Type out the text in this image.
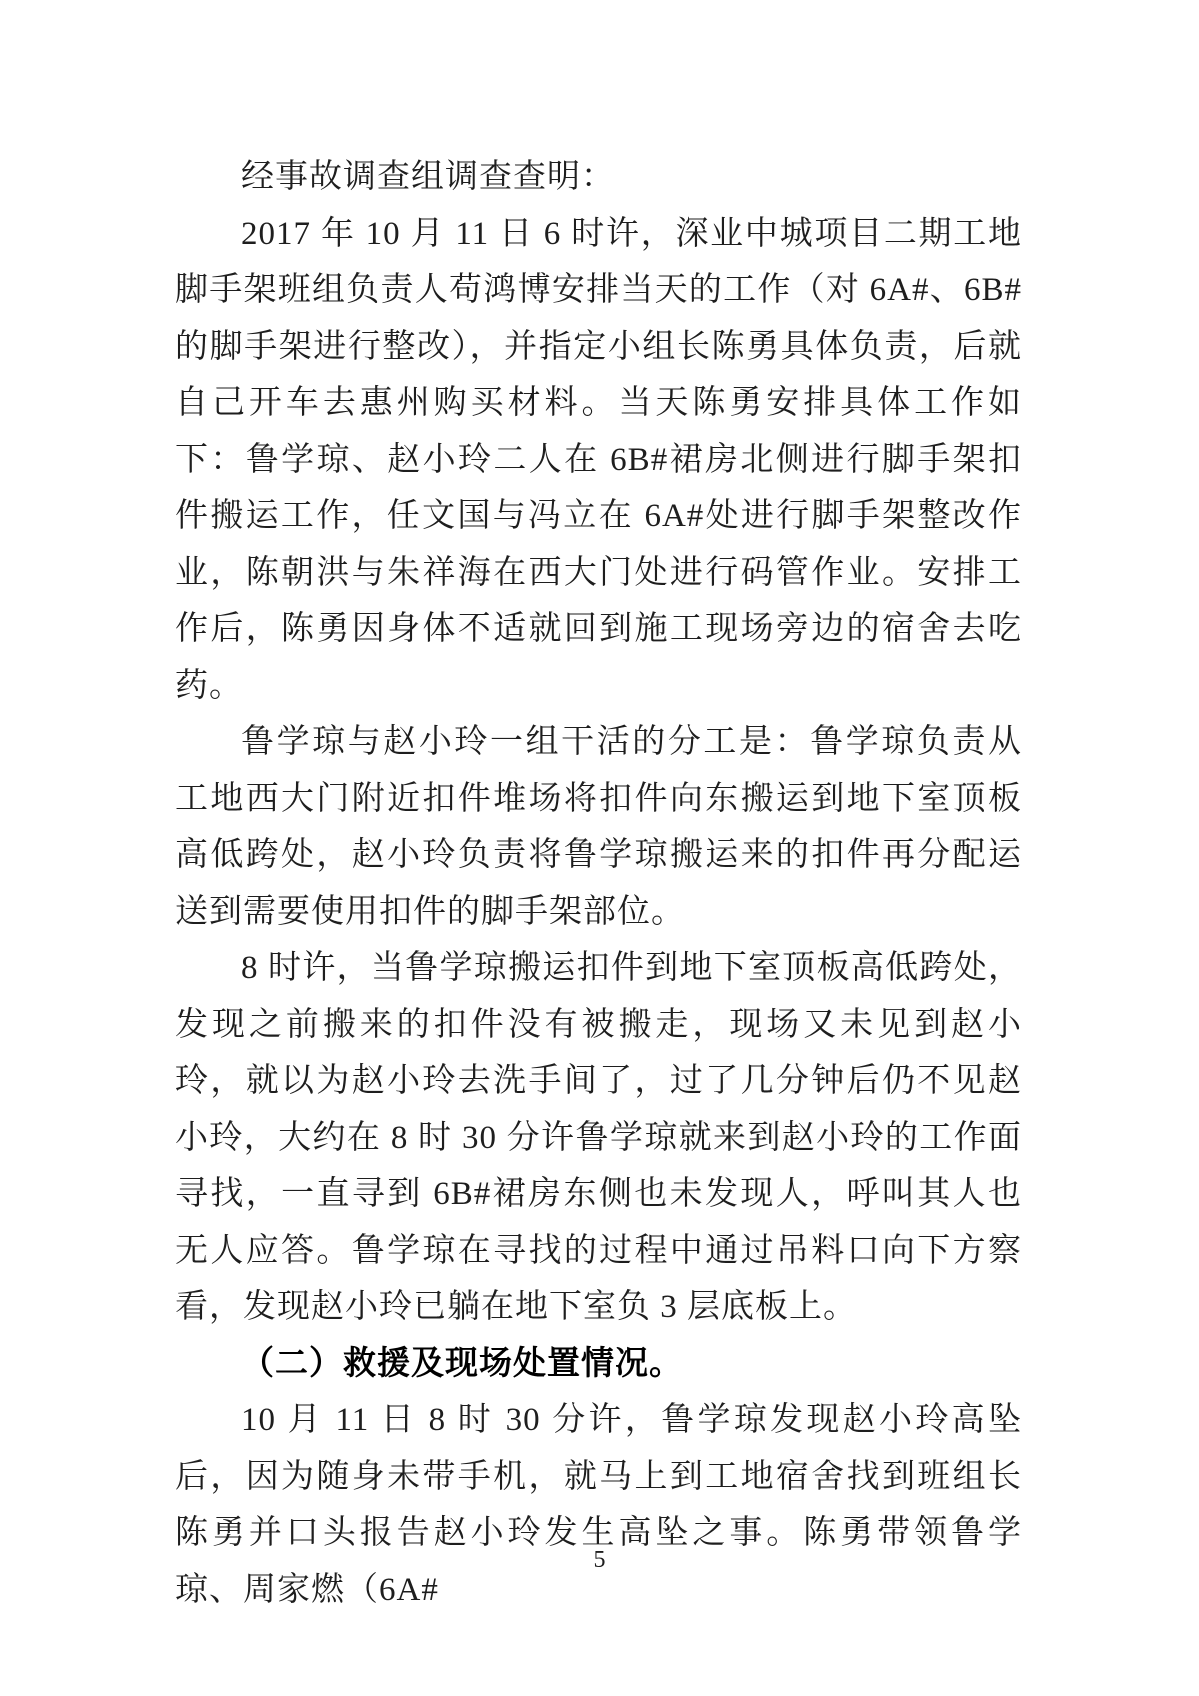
经事故调查组调查查明：

2017 年 10 月 11 日 6 时许，深业中城项目二期工地脚手架班组负责人苟鸿博安排当天的工作（对 6A#、6B#的脚手架进行整改），并指定小组长陈勇具体负责，后就自己开车去惠州购买材料。当天陈勇安排具体工作如下：鲁学琼、赵小玲二人在 6B#裙房北侧进行脚手架扣件搬运工作，任文国与冯立在 6A#处进行脚手架整改作业，陈朝洪与朱祥海在西大门处进行码管作业。安排工作后，陈勇因身体不适就回到施工现场旁边的宿舍去吃药。

鲁学琼与赵小玲一组干活的分工是：鲁学琼负责从工地西大门附近扣件堆场将扣件向东搬运到地下室顶板高低跨处，赵小玲负责将鲁学琼搬运来的扣件再分配运送到需要使用扣件的脚手架部位。

8 时许，当鲁学琼搬运扣件到地下室顶板高低跨处，发现之前搬来的扣件没有被搬走，现场又未见到赵小玲，就以为赵小玲去洗手间了，过了几分钟后仍不见赵小玲，大约在 8 时 30 分许鲁学琼就来到赵小玲的工作面寻找，一直寻到 6B#裙房东侧也未发现人，呼叫其人也无人应答。鲁学琼在寻找的过程中通过吊料口向下方察看，发现赵小玲已躺在地下室负 3 层底板上。

（二）救援及现场处置情况。

10 月 11 日 8 时 30 分许，鲁学琼发现赵小玲高坠后，因为随身未带手机，就马上到工地宿舍找到班组长陈勇并口头报告赵小玲发生高坠之事。陈勇带领鲁学琼、周家燃（6A#

5
